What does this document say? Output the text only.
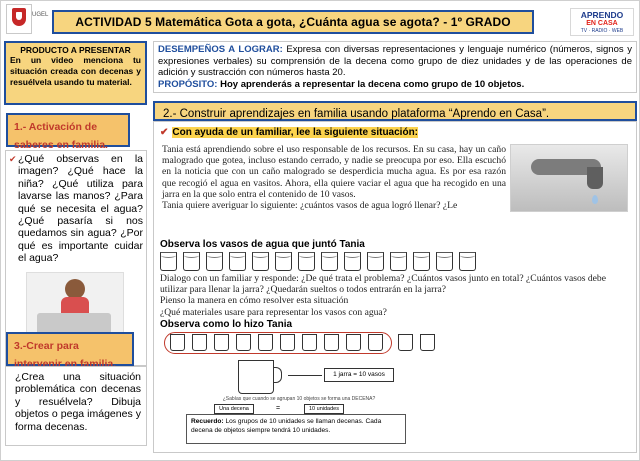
UGEL ACTIVIDAD 5 Matemática Gota a gota, ¿Cuánta agua se agota? - 1º GRADO	APRENDO
EN CASA
TV · RADIO · WEB
PRODUCTO A PRESENTAR
En un video menciona tu situación creada con decenas y resuélvela usando tu material.
1.- Activación de saberes en familia.
✔ ¿Qué observas en la imagen? ¿Qué hace la niña? ¿Qué utiliza para lavarse las manos? ¿Para qué se necesita el agua? ¿Qué pasaría si nos quedamos sin agua? ¿Por qué es importante cuidar el agua?
3.-Crear para intervenir en familia.
¿Crea una situación problemática con decenas y resuélvela? Dibuja objetos o pega imágenes y forma decenas.
DESEMPEÑOS A LOGRAR: Expresa con diversas representaciones y lenguaje numérico (números, signos y expresiones verbales) su comprensión de la decena como grupo de diez unidades y de las operaciones de adición y sustracción con números hasta 20.
PROPÓSITO: Hoy aprenderás a representar la decena como grupo de 10 objetos.
2.- Construir aprendizajes en familia usando plataforma “Aprendo en Casa”.
✔ Con ayuda de un familiar, lee la siguiente situación:
Tania está aprendiendo sobre el uso responsable de los recursos. En su casa, hay un caño malogrado que gotea, incluso estando cerrado, y nadie se preocupa por eso. Ella escuchó en la noticia que con un caño malogrado se desperdicia mucha agua. Es por esa razón que recogió el agua en vasitos. Ahora, ella quiere vaciar el agua que ha recogido en una jarra en la que solo entra el contenido de 10 vasos.
Tania quiere averiguar lo siguiente: ¿cuántos vasos de agua logró llenar? ¿Le
Observa los vasos de agua que juntó Tania
Dialogo con un familiar y responde: ¿De qué trata el problema? ¿Cuántos vasos junto en total? ¿Cuántos vasos debe utilizar para llenar la jarra? ¿Quedarán sueltos o todos entrarán en la jarra?
Pienso la manera en cómo resolver esta situación
¿Qué materiales usare para representar los vasos con agua?
Observa como lo hizo Tania
1 jarra = 10 vasos
¿Sabías que cuando se agrupan 10 objetos se forma una DECENA?
Una decena	=	10 unidades
Recuerdo: Los grupos de 10 unidades se llaman decenas. Cada decena de objetos siempre tendrá 10 unidades.
